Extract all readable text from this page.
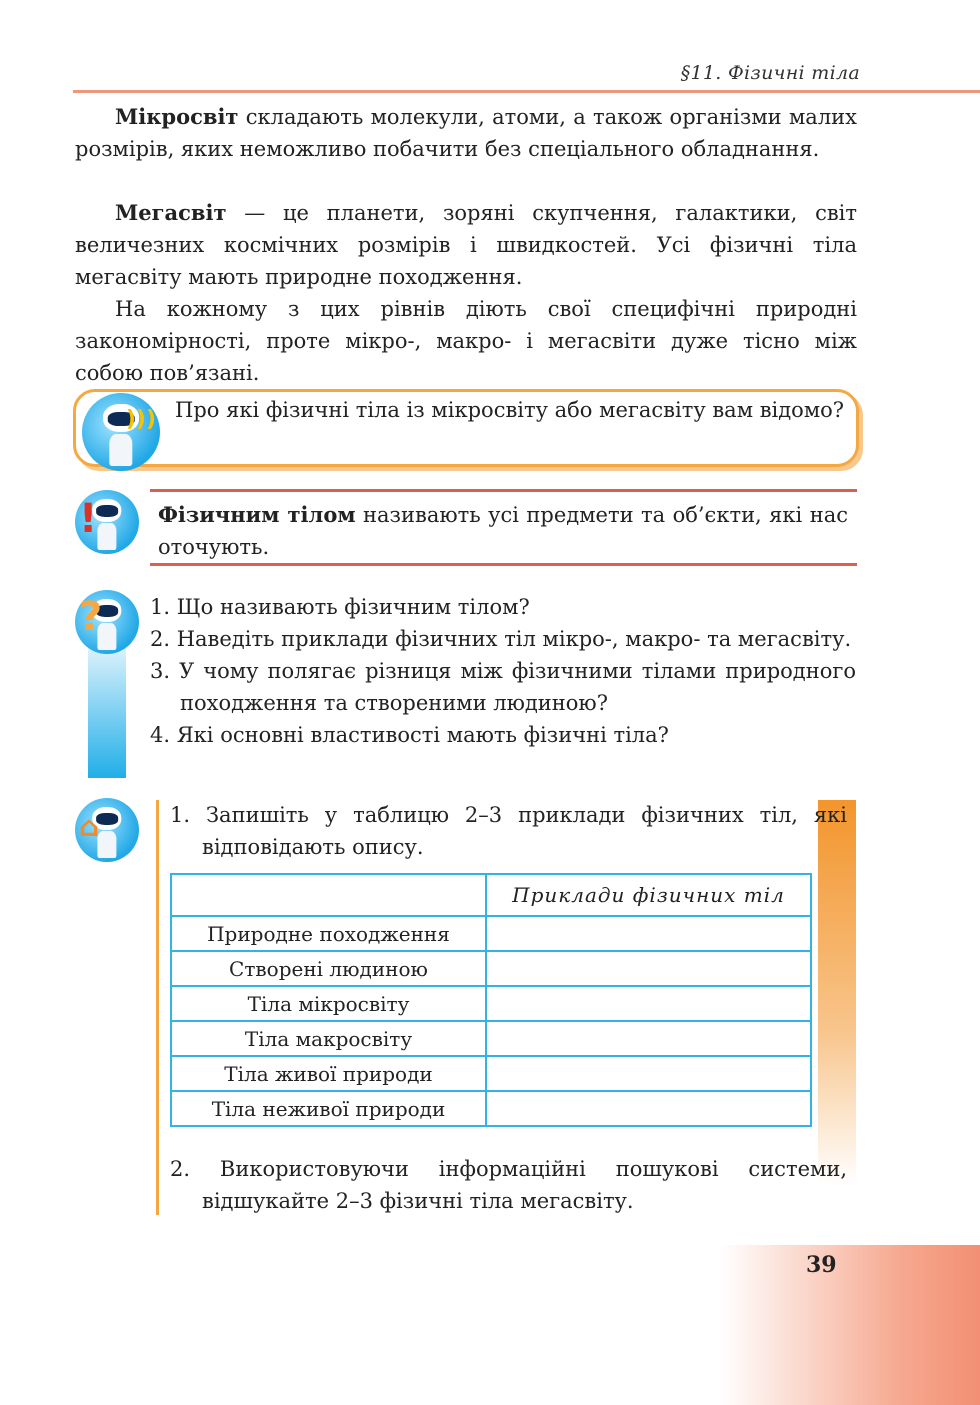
§11. Фізичні тіла

Мікросвіт складають молекули, атоми, а також організми малих розмірів, яких неможливо побачити без спеціального обладнання.

Мегасвіт — це планети, зоряні скупчення, галактики, світ величезних космічних розмірів і швидкостей. Усі фізичні тіла мегасвіту мають природне походження.

На кожному з цих рівнів діють свої специфічні природні закономірності, проте мікро-, макро- і мегасвіти дуже тісно між собою пов’язані.

))) Про які фізичні тіла із мікросвіту або мегасвіту вам відомо?

!	Фізичним тілом називають усі предмети та об’єкти, які нас оточують.

? 1. Що називають фізичним тілом?
2. Наведіть приклади фізичних тіл мікро-, макро- та мегасвіту.
3. У чому полягає різниця між фізичними тілами природного походження та створеними людиною?
4. Які основні властивості мають фізичні тіла?
⌂	1. Запишіть у таблицю 2–3 приклади фізичних тіл, які відповідають опису.

	Приклади фізичних тіл
Природне походження	
Створені людиною	
Тіла мікросвіту	
Тіла макросвіту	
Тіла живої природи	
Тіла неживої природи	

2. Використовуючи інформаційні пошукові системи, відшукайте 2–3 фізичні тіла мегасвіту.

39
